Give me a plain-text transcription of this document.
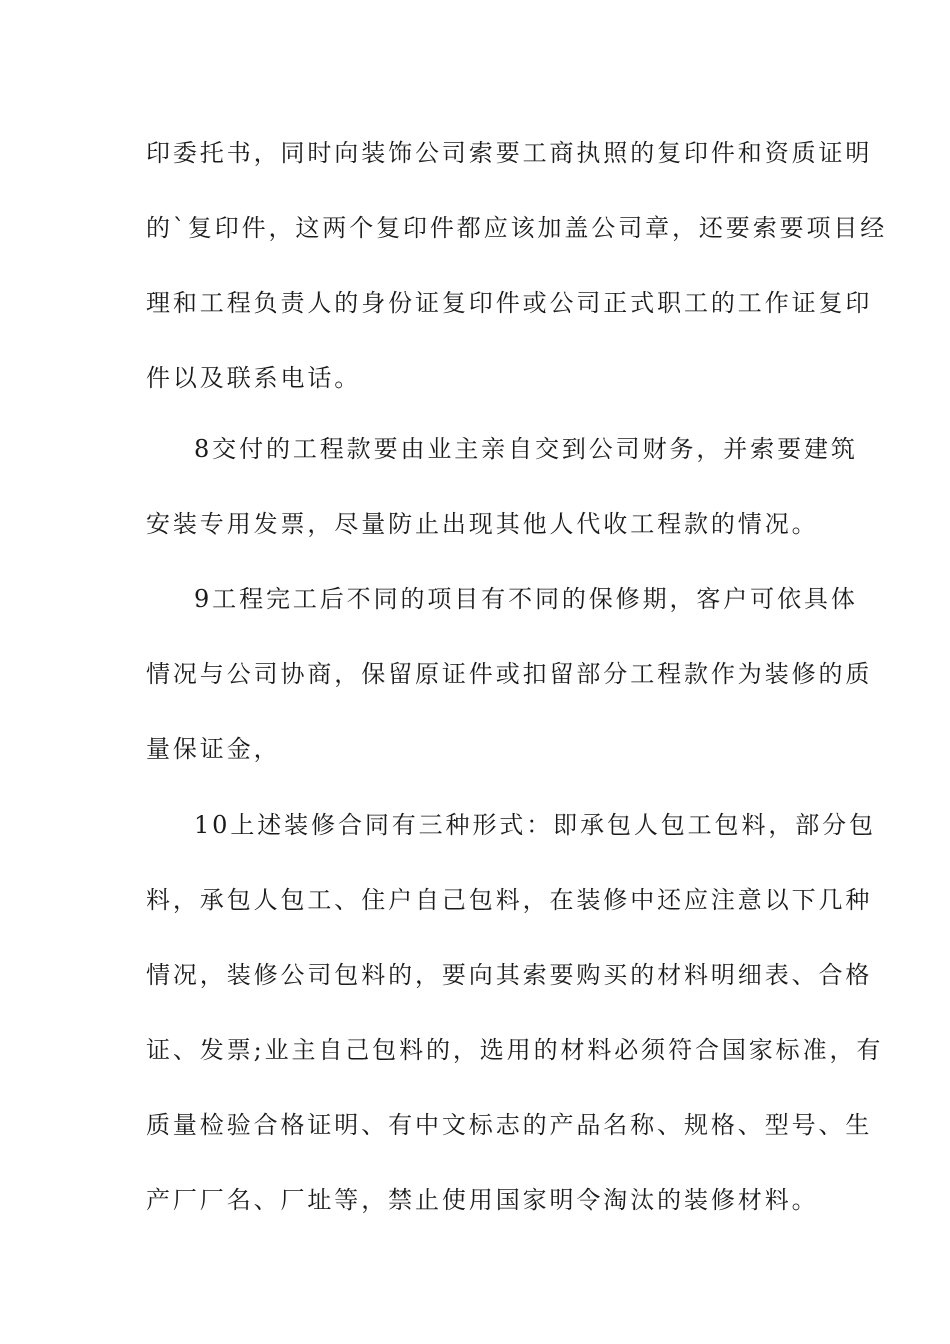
印委托书，同时向装饰公司索要工商执照的复印件和资质证明
的`复印件，这两个复印件都应该加盖公司章，还要索要项目经
理和工程负责人的身份证复印件或公司正式职工的工作证复印
件以及联系电话。

8交付的工程款要由业主亲自交到公司财务，并索要建筑
安装专用发票，尽量防止出现其他人代收工程款的情况。

9工程完工后不同的项目有不同的保修期，客户可依具体
情况与公司协商，保留原证件或扣留部分工程款作为装修的质
量保证金，

10上述装修合同有三种形式：即承包人包工包料，部分包
料，承包人包工、住户自己包料，在装修中还应注意以下几种
情况，装修公司包料的，要向其索要购买的材料明细表、合格
证、发票;业主自己包料的，选用的材料必须符合国家标准，有
质量检验合格证明、有中文标志的产品名称、规格、型号、生
产厂厂名、厂址等，禁止使用国家明令淘汰的装修材料。
